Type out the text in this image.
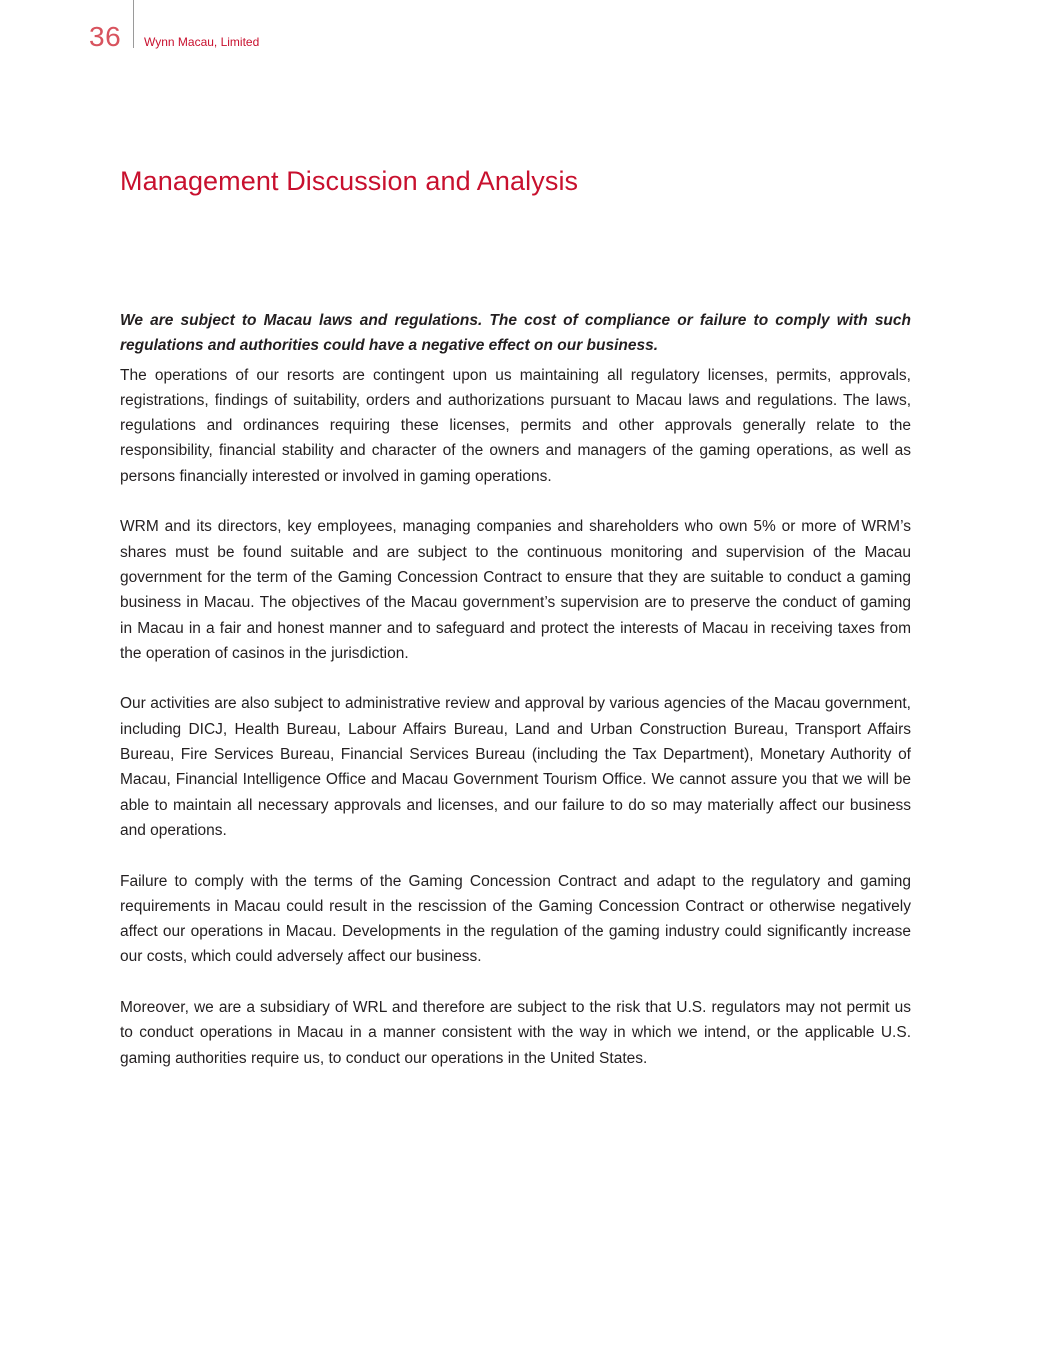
36 Wynn Macau, Limited
Management Discussion and Analysis

We are subject to Macau laws and regulations. The cost of compliance or failure to comply with such regulations and authorities could have a negative effect on our business.

The operations of our resorts are contingent upon us maintaining all regulatory licenses, permits, approvals, registrations, findings of suitability, orders and authorizations pursuant to Macau laws and regulations. The laws, regulations and ordinances requiring these licenses, permits and other approvals generally relate to the responsibility, financial stability and character of the owners and managers of the gaming operations, as well as persons financially interested or involved in gaming operations.

WRM and its directors, key employees, managing companies and shareholders who own 5% or more of WRM’s shares must be found suitable and are subject to the continuous monitoring and supervision of the Macau government for the term of the Gaming Concession Contract to ensure that they are suitable to conduct a gaming business in Macau. The objectives of the Macau government’s supervision are to preserve the conduct of gaming in Macau in a fair and honest manner and to safeguard and protect the interests of Macau in receiving taxes from the operation of casinos in the jurisdiction.

Our activities are also subject to administrative review and approval by various agencies of the Macau government, including DICJ, Health Bureau, Labour Affairs Bureau, Land and Urban Construction Bureau, Transport Affairs Bureau, Fire Services Bureau, Financial Services Bureau (including the Tax Department), Monetary Authority of Macau, Financial Intelligence Office and Macau Government Tourism Office. We cannot assure you that we will be able to maintain all necessary approvals and licenses, and our failure to do so may materially affect our business and operations.

Failure to comply with the terms of the Gaming Concession Contract and adapt to the regulatory and gaming requirements in Macau could result in the rescission of the Gaming Concession Contract or otherwise negatively affect our operations in Macau. Developments in the regulation of the gaming industry could significantly increase our costs, which could adversely affect our business.

Moreover, we are a subsidiary of WRL and therefore are subject to the risk that U.S. regulators may not permit us to conduct operations in Macau in a manner consistent with the way in which we intend, or the applicable U.S. gaming authorities require us, to conduct our operations in the United States.
